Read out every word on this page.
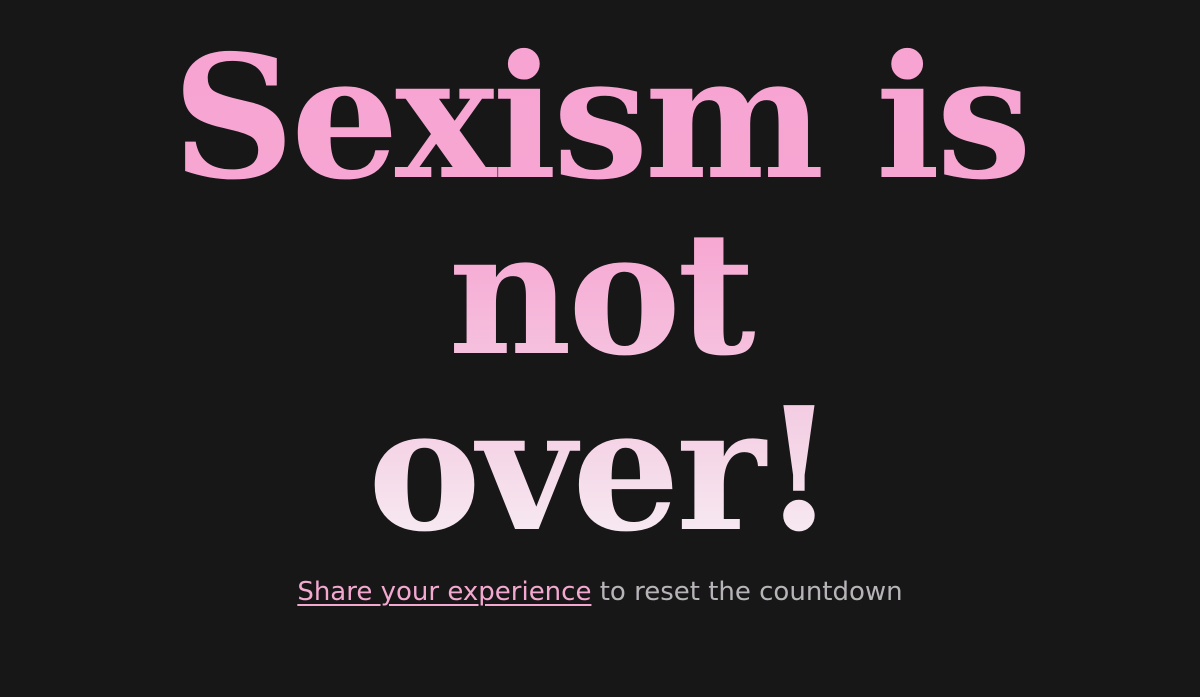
Sexism is
not
over!

Share your experience to reset the countdown
